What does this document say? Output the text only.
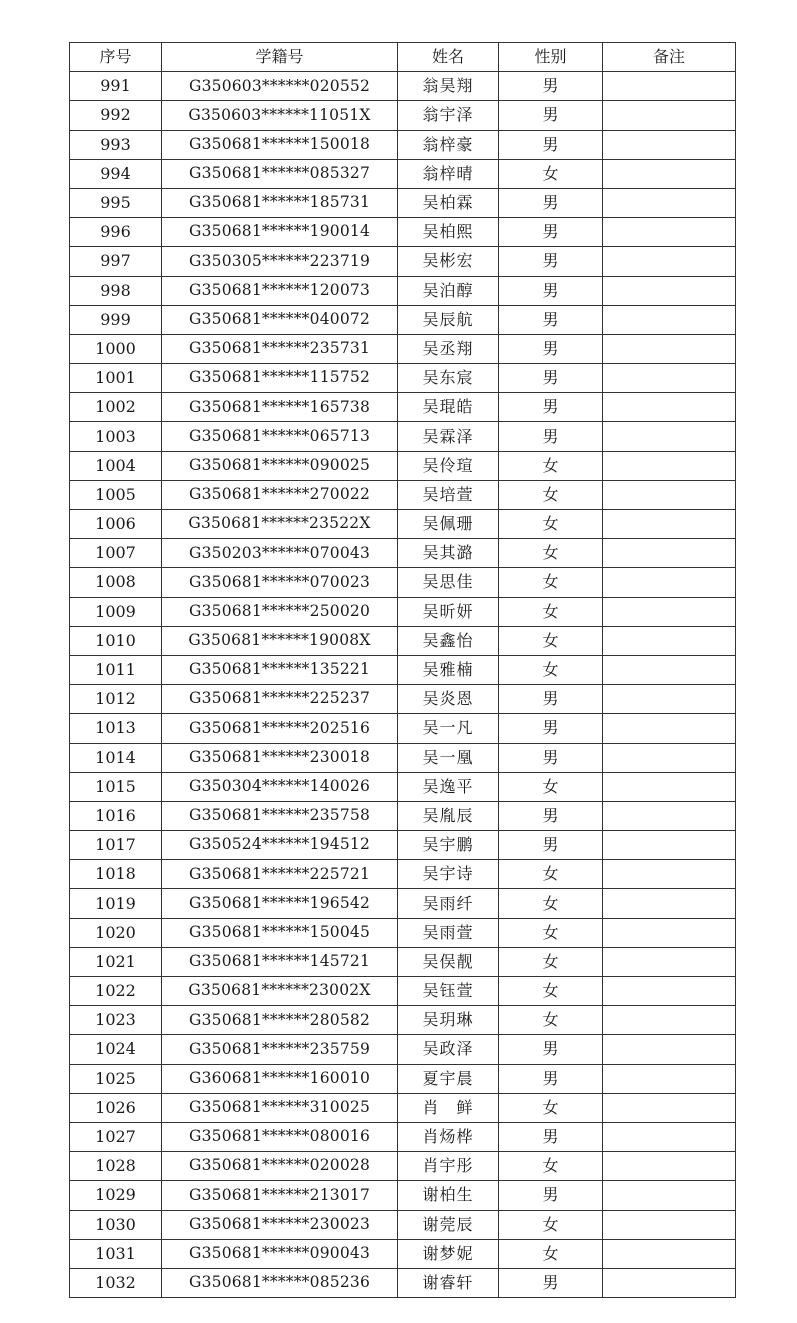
序号	学籍号	姓名	性别	备注
991	G350603******020552	翁昊翔	男	
992	G350603******11051X	翁宇泽	男	
993	G350681******150018	翁梓豪	男	
994	G350681******085327	翁梓晴	女	
995	G350681******185731	吴柏霖	男	
996	G350681******190014	吴柏熙	男	
997	G350305******223719	吴彬宏	男	
998	G350681******120073	吴泊醇	男	
999	G350681******040072	吴辰航	男	
1000	G350681******235731	吴丞翔	男	
1001	G350681******115752	吴东宸	男	
1002	G350681******165738	吴琨皓	男	
1003	G350681******065713	吴霖泽	男	
1004	G350681******090025	吴伶瑄	女	
1005	G350681******270022	吴培萱	女	
1006	G350681******23522X	吴佩珊	女	
1007	G350203******070043	吴其潞	女	
1008	G350681******070023	吴思佳	女	
1009	G350681******250020	吴昕妍	女	
1010	G350681******19008X	吴鑫怡	女	
1011	G350681******135221	吴雅楠	女	
1012	G350681******225237	吴炎恩	男	
1013	G350681******202516	吴一凡	男	
1014	G350681******230018	吴一凰	男	
1015	G350304******140026	吴逸平	女	
1016	G350681******235758	吴胤辰	男	
1017	G350524******194512	吴宇鹏	男	
1018	G350681******225721	吴宇诗	女	
1019	G350681******196542	吴雨纤	女	
1020	G350681******150045	吴雨萱	女	
1021	G350681******145721	吴俣靓	女	
1022	G350681******23002X	吴钰萱	女	
1023	G350681******280582	吴玥琳	女	
1024	G350681******235759	吴政泽	男	
1025	G360681******160010	夏宇晨	男	
1026	G350681******310025	肖　鲜	女	
1027	G350681******080016	肖炀桦	男	
1028	G350681******020028	肖宇彤	女	
1029	G350681******213017	谢柏生	男	
1030	G350681******230023	谢莞辰	女	
1031	G350681******090043	谢梦妮	女	
1032	G350681******085236	谢睿轩	男	
